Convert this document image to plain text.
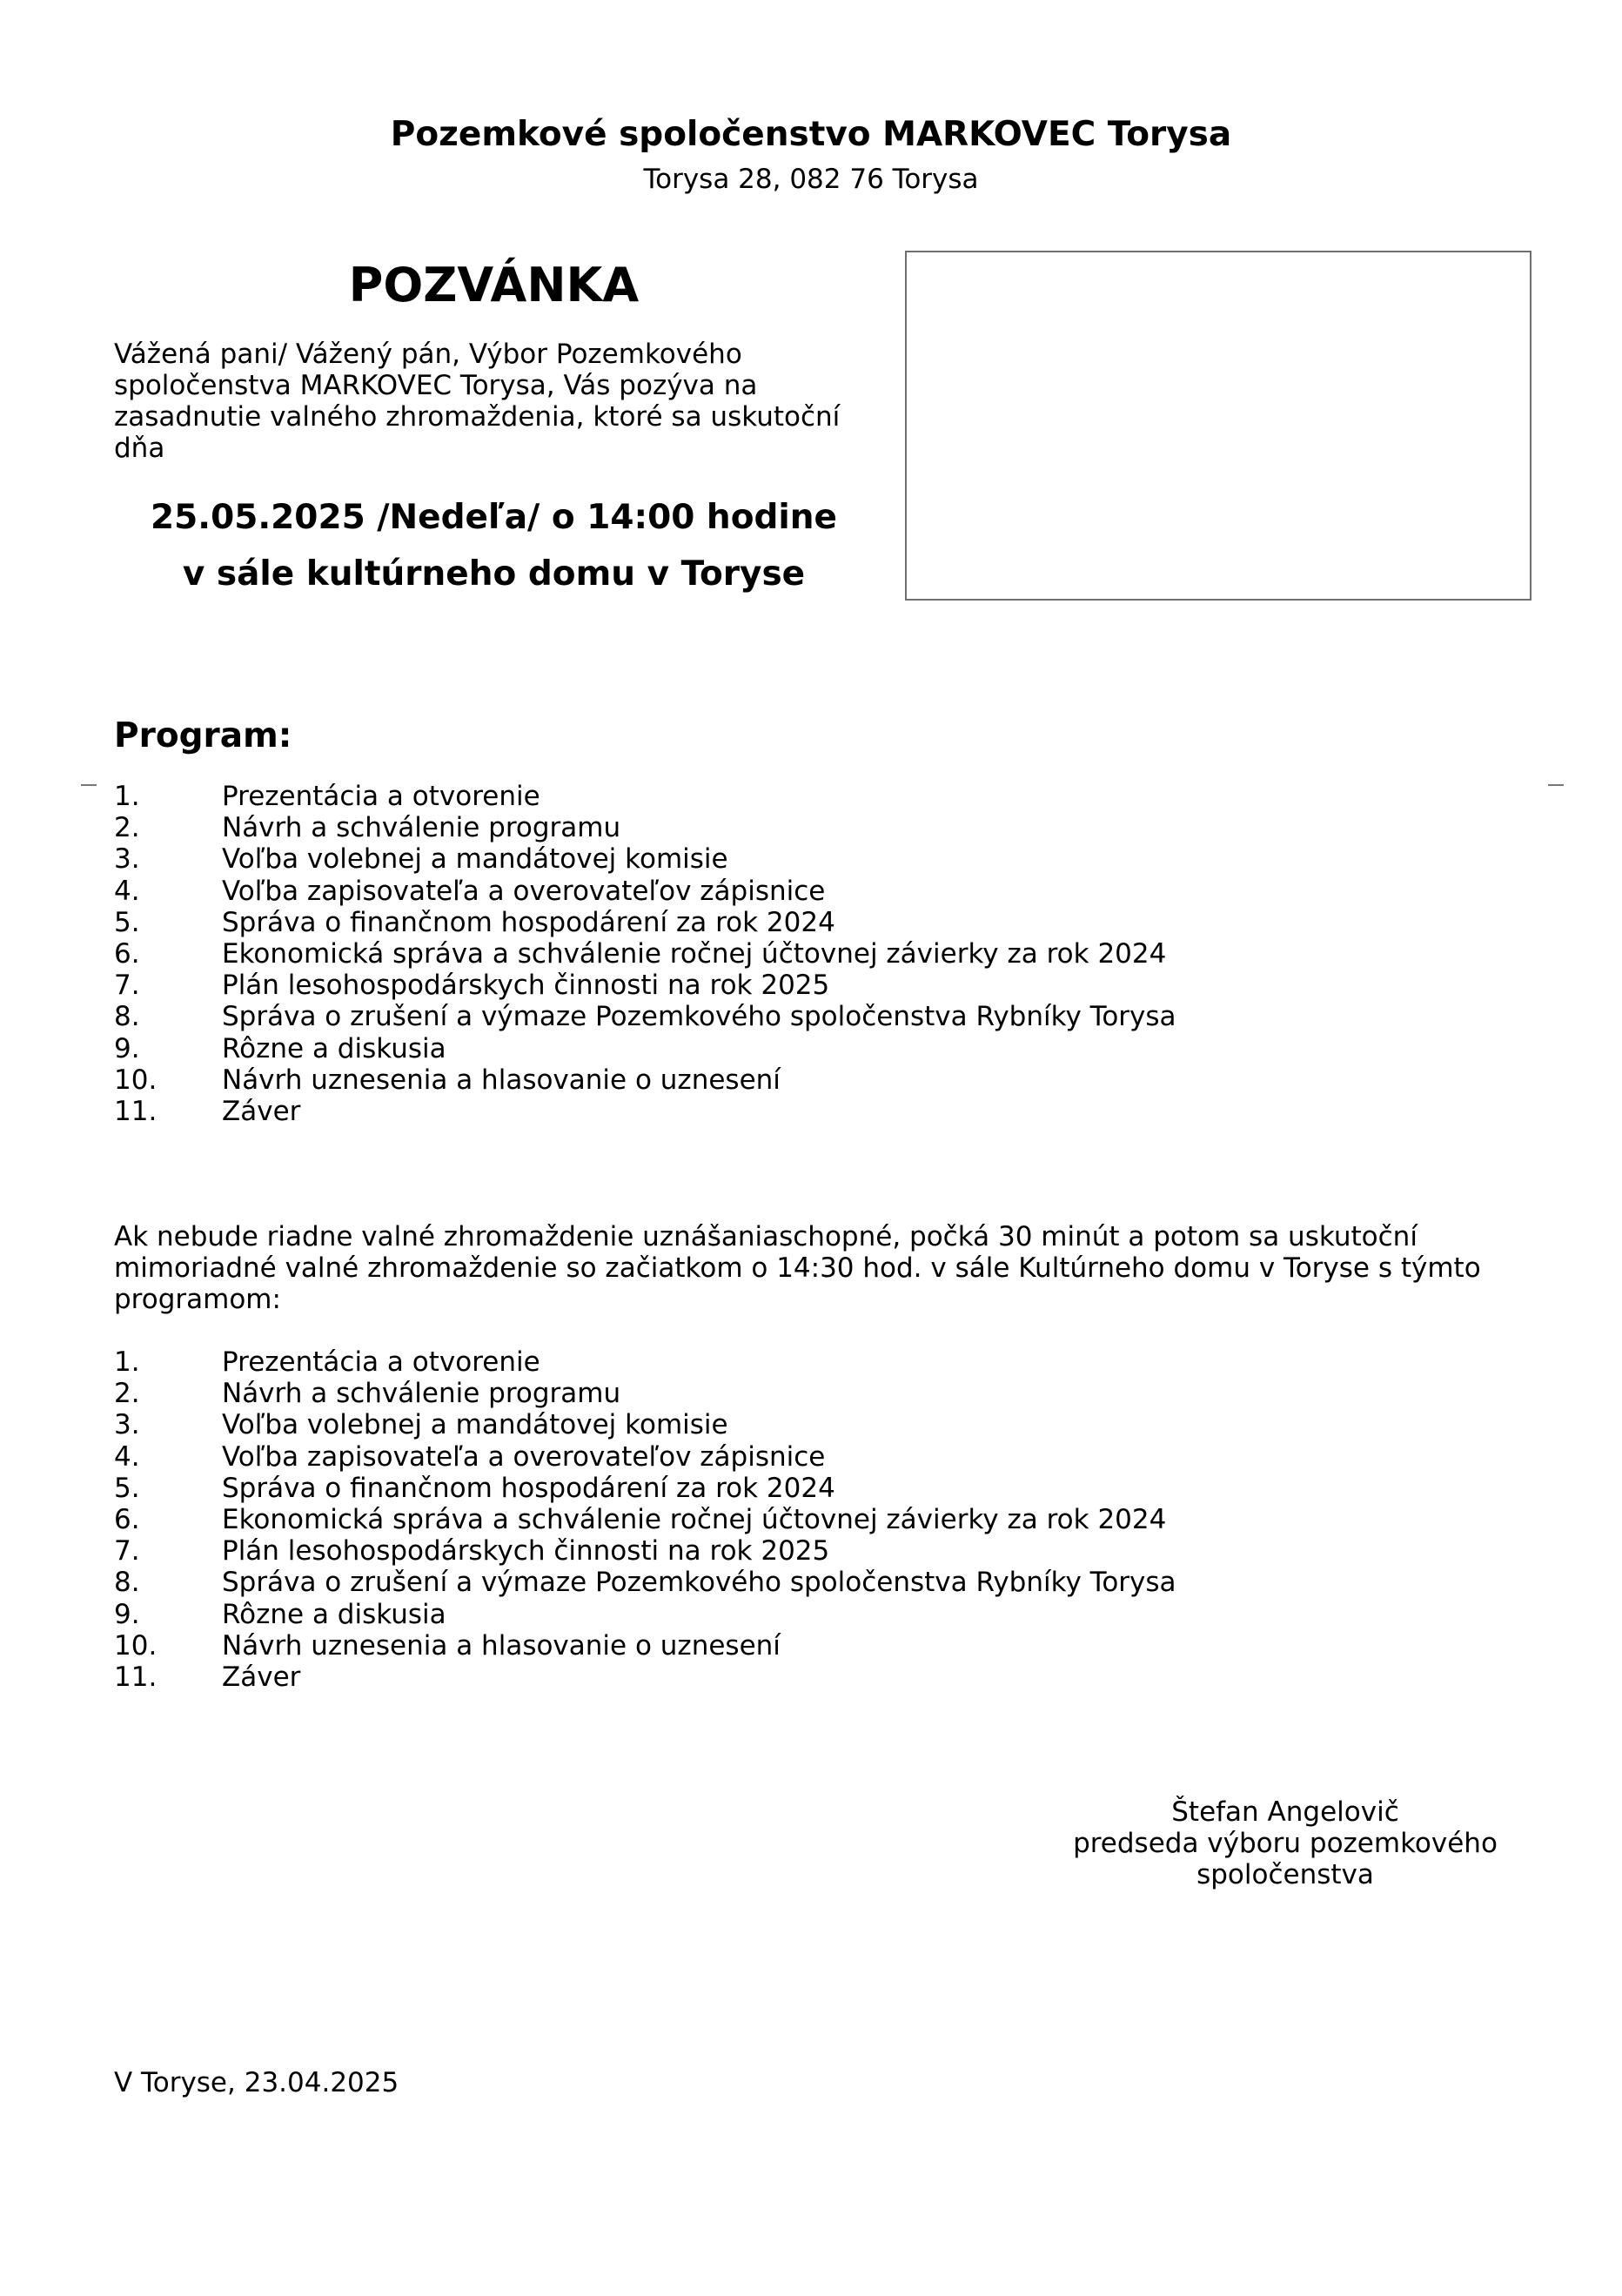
Pozemkové spoločenstvo MARKOVEC Torysa
Torysa 28, 082 76 Torysa
POZVÁNKA
Vážená pani/ Vážený pán, Výbor Pozemkového
spoločenstva MARKOVEC Torysa, Vás pozýva na
zasadnutie valného zhromaždenia, ktoré sa uskutoční
dňa
25.05.2025 /Nedeľa/ o 14:00 hodine
v sále kultúrneho domu v Toryse
Program:
1.	Prezentácia a otvorenie
2.	Návrh a schválenie programu
3.	Voľba volebnej a mandátovej komisie
4.	Voľba zapisovateľa a overovateľov zápisnice
5.	Správa o finančnom hospodárení za rok 2024
6.	Ekonomická správa a schválenie ročnej účtovnej závierky za rok 2024
7.	Plán lesohospodárskych činnosti na rok 2025
8.	Správa o zrušení a výmaze Pozemkového spoločenstva Rybníky Torysa
9.	Rôzne a diskusia
10. Návrh uznesenia a hlasovanie o uznesení
11. Záver
Ak nebude riadne valné zhromaždenie uznášaniaschopné, počká 30 minút a potom sa uskutoční
mimoriadné valné zhromaždenie so začiatkom o 14:30 hod. v sále Kultúrneho domu v Toryse s týmto
programom:
1.	Prezentácia a otvorenie
2.	Návrh a schválenie programu
3.	Voľba volebnej a mandátovej komisie
4.	Voľba zapisovateľa a overovateľov zápisnice
5.	Správa o finančnom hospodárení za rok 2024
6.	Ekonomická správa a schválenie ročnej účtovnej závierky za rok 2024
7.	Plán lesohospodárskych činnosti na rok 2025
8.	Správa o zrušení a výmaze Pozemkového spoločenstva Rybníky Torysa
9.	Rôzne a diskusia
10. Návrh uznesenia a hlasovanie o uznesení
11. Záver
Štefan Angelovič
predseda výboru pozemkového
spoločenstva
V Toryse, 23.04.2025
